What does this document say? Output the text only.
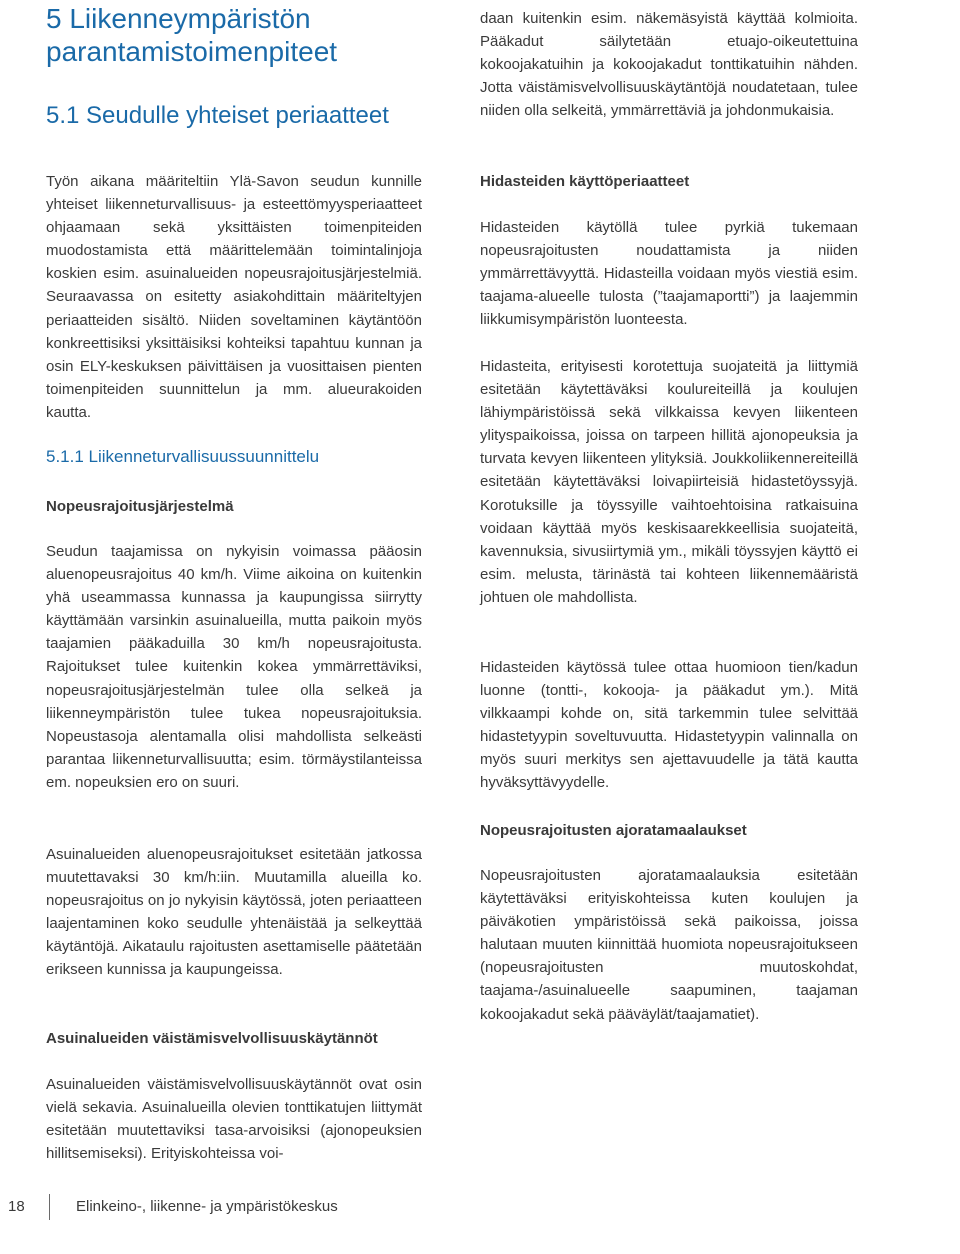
5 Liikenneympäristön parantamistoimenpiteet
5.1 Seudulle yhteiset periaatteet

Työn aikana määriteltiin Ylä-Savon seudun kunnille yhteiset liikenneturvallisuus- ja esteettömyysperiaatteet ohjaamaan sekä yksittäisten toimenpiteiden muodostamista että määrittelemään toimintalinjoja koskien esim. asuinalueiden nopeusrajoitusjärjestelmiä. Seuraavassa on esitetty asiakohdittain määriteltyjen periaatteiden sisältö. Niiden soveltaminen käytäntöön konkreettisiksi yksittäisiksi kohteiksi tapahtuu kunnan ja osin ELY-keskuksen päivittäisen ja vuosittaisen pienten toimenpiteiden suunnittelun ja mm. alueurakoiden kautta.

5.1.1 Liikenneturvallisuussuunnittelu
Nopeusrajoitusjärjestelmä

Seudun taajamissa on nykyisin voimassa pääosin aluenopeusrajoitus 40 km/h. Viime aikoina on kuitenkin yhä useammassa kunnassa ja kaupungissa siirrytty käyttämään varsinkin asuinalueilla, mutta paikoin myös taajamien pääkaduilla 30 km/h nopeusrajoitusta. Rajoitukset tulee kuitenkin kokea ymmärrettäviksi, nopeusrajoitusjärjestelmän tulee olla selkeä ja liikenneympäristön tulee tukea nopeusrajoituksia. Nopeustasoja alentamalla olisi mahdollista selkeästi parantaa liikenneturvallisuutta; esim. törmäystilanteissa em. nopeuksien ero on suuri.

Asuinalueiden aluenopeusrajoitukset esitetään jatkossa muutettavaksi 30 km/h:iin. Muutamilla alueilla ko. nopeusrajoitus on jo nykyisin käytössä, joten periaatteen laajentaminen koko seudulle yhtenäistää ja selkeyttää käytäntöjä. Aikataulu rajoitusten asettamiselle päätetään erikseen kunnissa ja kaupungeissa.

Asuinalueiden väistämisvelvollisuuskäytännöt

Asuinalueiden väistämisvelvollisuuskäytännöt ovat osin vielä sekavia. Asuinalueilla olevien tonttikatujen liittymät esitetään muutettaviksi tasa-arvoisiksi (ajonopeuksien hillitsemiseksi). Erityiskohteissa voi-

daan kuitenkin esim. näkemäsyistä käyttää kolmioita. Pääkadut säilytetään etuajo-oikeutettuina kokoojakatuihin ja kokoojakadut tonttikatuihin nähden. Jotta väistämisvelvollisuuskäytäntöjä noudatetaan, tulee niiden olla selkeitä, ymmärrettäviä ja johdonmukaisia.

Hidasteiden käyttöperiaatteet

Hidasteiden käytöllä tulee pyrkiä tukemaan nopeusrajoitusten noudattamista ja niiden ymmärrettävyyttä. Hidasteilla voidaan myös viestiä esim. taajama-alueelle tulosta (”taajamaportti”) ja laajemmin liikkumisympäristön luonteesta.

Hidasteita, erityisesti korotettuja suojateitä ja liittymiä esitetään käytettäväksi koulureiteillä ja koulujen lähiympäristöissä sekä vilkkaissa kevyen liikenteen ylityspaikoissa, joissa on tarpeen hillitä ajonopeuksia ja turvata kevyen liikenteen ylityksiä. Joukkoliikennereiteillä esitetään käytettäväksi loivapiirteisiä hidastetöyssyjä. Korotuksille ja töyssyille vaihtoehtoisina ratkaisuina voidaan käyttää myös keskisaarekkeellisia suojateitä, kavennuksia, sivusiirtymiä ym., mikäli töyssyjen käyttö ei esim. melusta, tärinästä tai kohteen liikennemääristä johtuen ole mahdollista.

Hidasteiden käytössä tulee ottaa huomioon tien/kadun luonne (tontti-, kokooja- ja pääkadut ym.). Mitä vilkkaampi kohde on, sitä tarkemmin tulee selvittää hidastetyypin soveltuvuutta. Hidastetyypin valinnalla on myös suuri merkitys sen ajettavuudelle ja tätä kautta hyväksyttävyydelle.

Nopeusrajoitusten ajoratamaalaukset

Nopeusrajoitusten ajoratamaalauksia esitetään käytettäväksi erityiskohteissa kuten koulujen ja päiväkotien ympäristöissä sekä paikoissa, joissa halutaan muuten kiinnittää huomiota nopeusrajoitukseen (nopeusrajoitusten muutoskohdat, taajama-/asuinalueelle saapuminen, taajaman kokoojakadut sekä pääväylät/taajamatiet).

18	Elinkeino-, liikenne- ja ympäristökeskus
